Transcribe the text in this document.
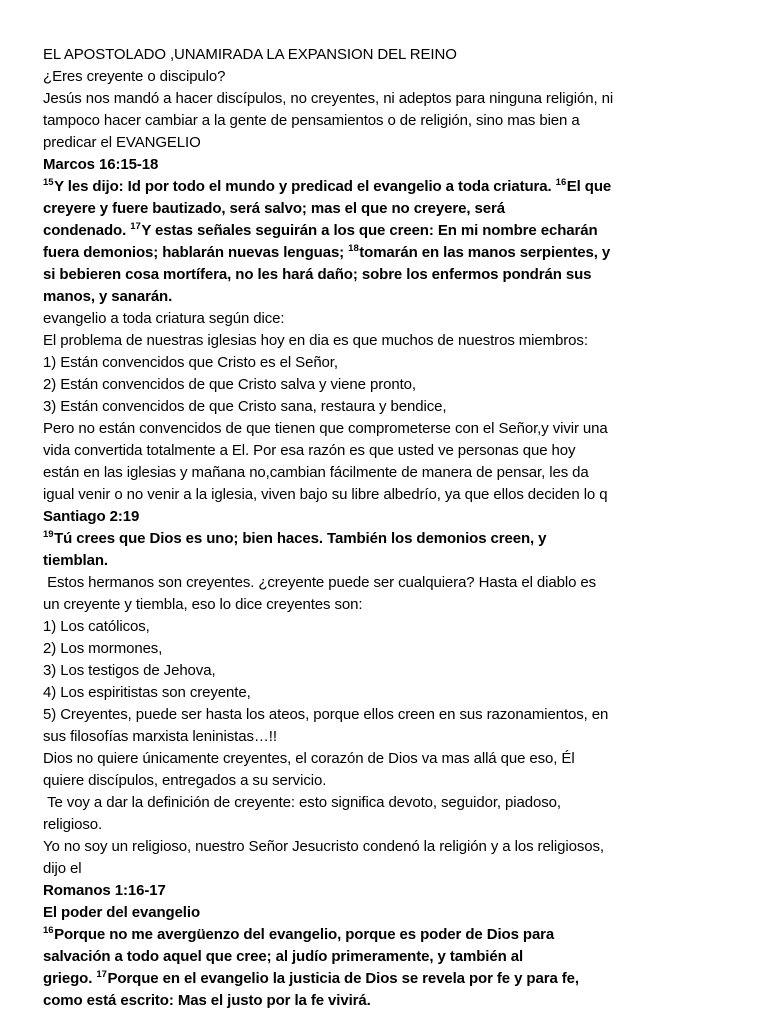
EL APOSTOLADO ,UNAMIRADA LA EXPANSION DEL REINO
¿Eres creyente o discipulo?
Jesús nos mandó a hacer discípulos, no creyentes, ni adeptos para ninguna religión, ni
tampoco hacer cambiar a la gente de pensamientos o de religión, sino mas bien a
predicar el EVANGELIO
Marcos 16:15-18
$^{15}$Y les dijo: Id por todo el mundo y predicad el evangelio a toda criatura. $^{16}$El que
creyere y fuere bautizado, será salvo; mas el que no creyere, será
condenado. $^{17}$Y estas señales seguirán a los que creen: En mi nombre echarán
fuera demonios; hablarán nuevas lenguas; $^{18}$tomarán en las manos serpientes, y
si bebieren cosa mortífera, no les hará daño; sobre los enfermos pondrán sus
manos, y sanarán.
evangelio a toda criatura según dice:
El problema de nuestras iglesias hoy en dia es que muchos de nuestros miembros:
1) Están convencidos que Cristo es el Señor,
2) Están convencidos de que Cristo salva y viene pronto,
3) Están convencidos de que Cristo sana, restaura y bendice,
Pero no están convencidos de que tienen que comprometerse con el Señor,y vivir una
vida convertida totalmente a El. Por esa razón es que usted ve personas que hoy
están en las iglesias y mañana no,cambian fácilmente de manera de pensar, les da
igual venir o no venir a la iglesia, viven bajo su libre albedrío, ya que ellos deciden lo q
Santiago 2:19
$^{19}$Tú crees que Dios es uno; bien haces. También los demonios creen, y
tiemblan.
Estos hermanos son creyentes. ¿creyente puede ser cualquiera? Hasta el diablo es
un creyente y tiembla, eso lo dice creyentes son:
1) Los católicos,
2) Los mormones,
3) Los testigos de Jehova,
4) Los espiritistas son creyente,
5) Creyentes, puede ser hasta los ateos, porque ellos creen en sus razonamientos, en
sus filosofías marxista leninistas…!!
Dios no quiere únicamente creyentes, el corazón de Dios va mas allá que eso, Él
quiere discípulos, entregados a su servicio.
Te voy a dar la definición de creyente: esto significa devoto, seguidor, piadoso,
religioso.
Yo no soy un religioso, nuestro Señor Jesucristo condenó la religión y a los religiosos,
dijo el
Romanos 1:16-17
El poder del evangelio
$^{16}$Porque no me avergüenzo del evangelio, porque es poder de Dios para
salvación a todo aquel que cree; al judío primeramente, y también al
griego. $^{17}$Porque en el evangelio la justicia de Dios se revela por fe y para fe,
como está escrito: Mas el justo por la fe vivirá.
